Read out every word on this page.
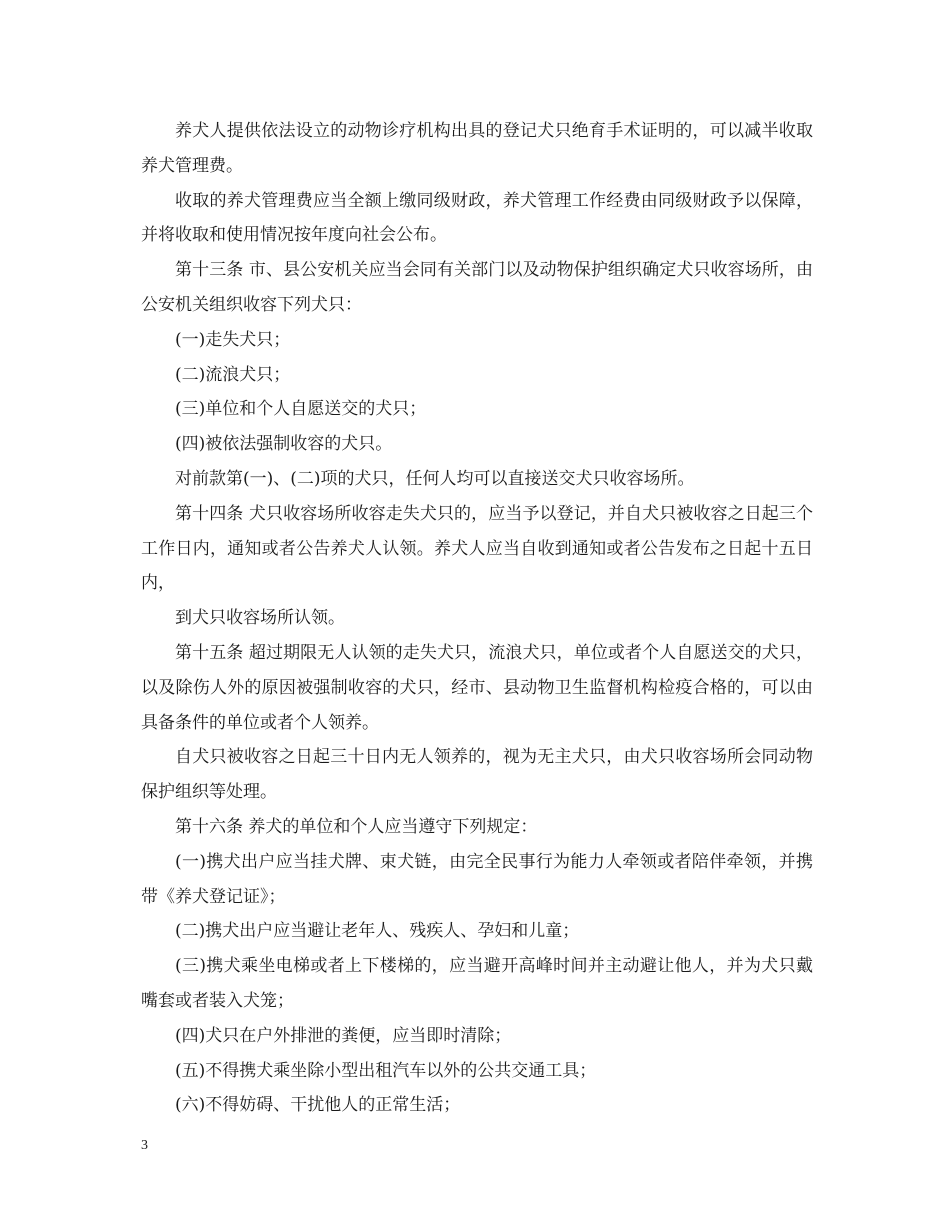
养犬人提供依法设立的动物诊疗机构出具的登记犬只绝育手术证明的，可以减半收取养犬管理费。

收取的养犬管理费应当全额上缴同级财政，养犬管理工作经费由同级财政予以保障，并将收取和使用情况按年度向社会公布。

第十三条 市、县公安机关应当会同有关部门以及动物保护组织确定犬只收容场所，由公安机关组织收容下列犬只：

(一)走失犬只；

(二)流浪犬只；

(三)单位和个人自愿送交的犬只；

(四)被依法强制收容的犬只。

对前款第(一)、(二)项的犬只，任何人均可以直接送交犬只收容场所。

第十四条 犬只收容场所收容走失犬只的，应当予以登记，并自犬只被收容之日起三个工作日内，通知或者公告养犬人认领。养犬人应当自收到通知或者公告发布之日起十五日内，

到犬只收容场所认领。

第十五条 超过期限无人认领的走失犬只，流浪犬只，单位或者个人自愿送交的犬只，以及除伤人外的原因被强制收容的犬只，经市、县动物卫生监督机构检疫合格的，可以由具备条件的单位或者个人领养。

自犬只被收容之日起三十日内无人领养的，视为无主犬只，由犬只收容场所会同动物保护组织等处理。

第十六条 养犬的单位和个人应当遵守下列规定：

(一)携犬出户应当挂犬牌、束犬链，由完全民事行为能力人牵领或者陪伴牵领，并携带《养犬登记证》；

(二)携犬出户应当避让老年人、残疾人、孕妇和儿童；

(三)携犬乘坐电梯或者上下楼梯的，应当避开高峰时间并主动避让他人，并为犬只戴嘴套或者装入犬笼；

(四)犬只在户外排泄的粪便，应当即时清除；

(五)不得携犬乘坐除小型出租汽车以外的公共交通工具；

(六)不得妨碍、干扰他人的正常生活；

3
